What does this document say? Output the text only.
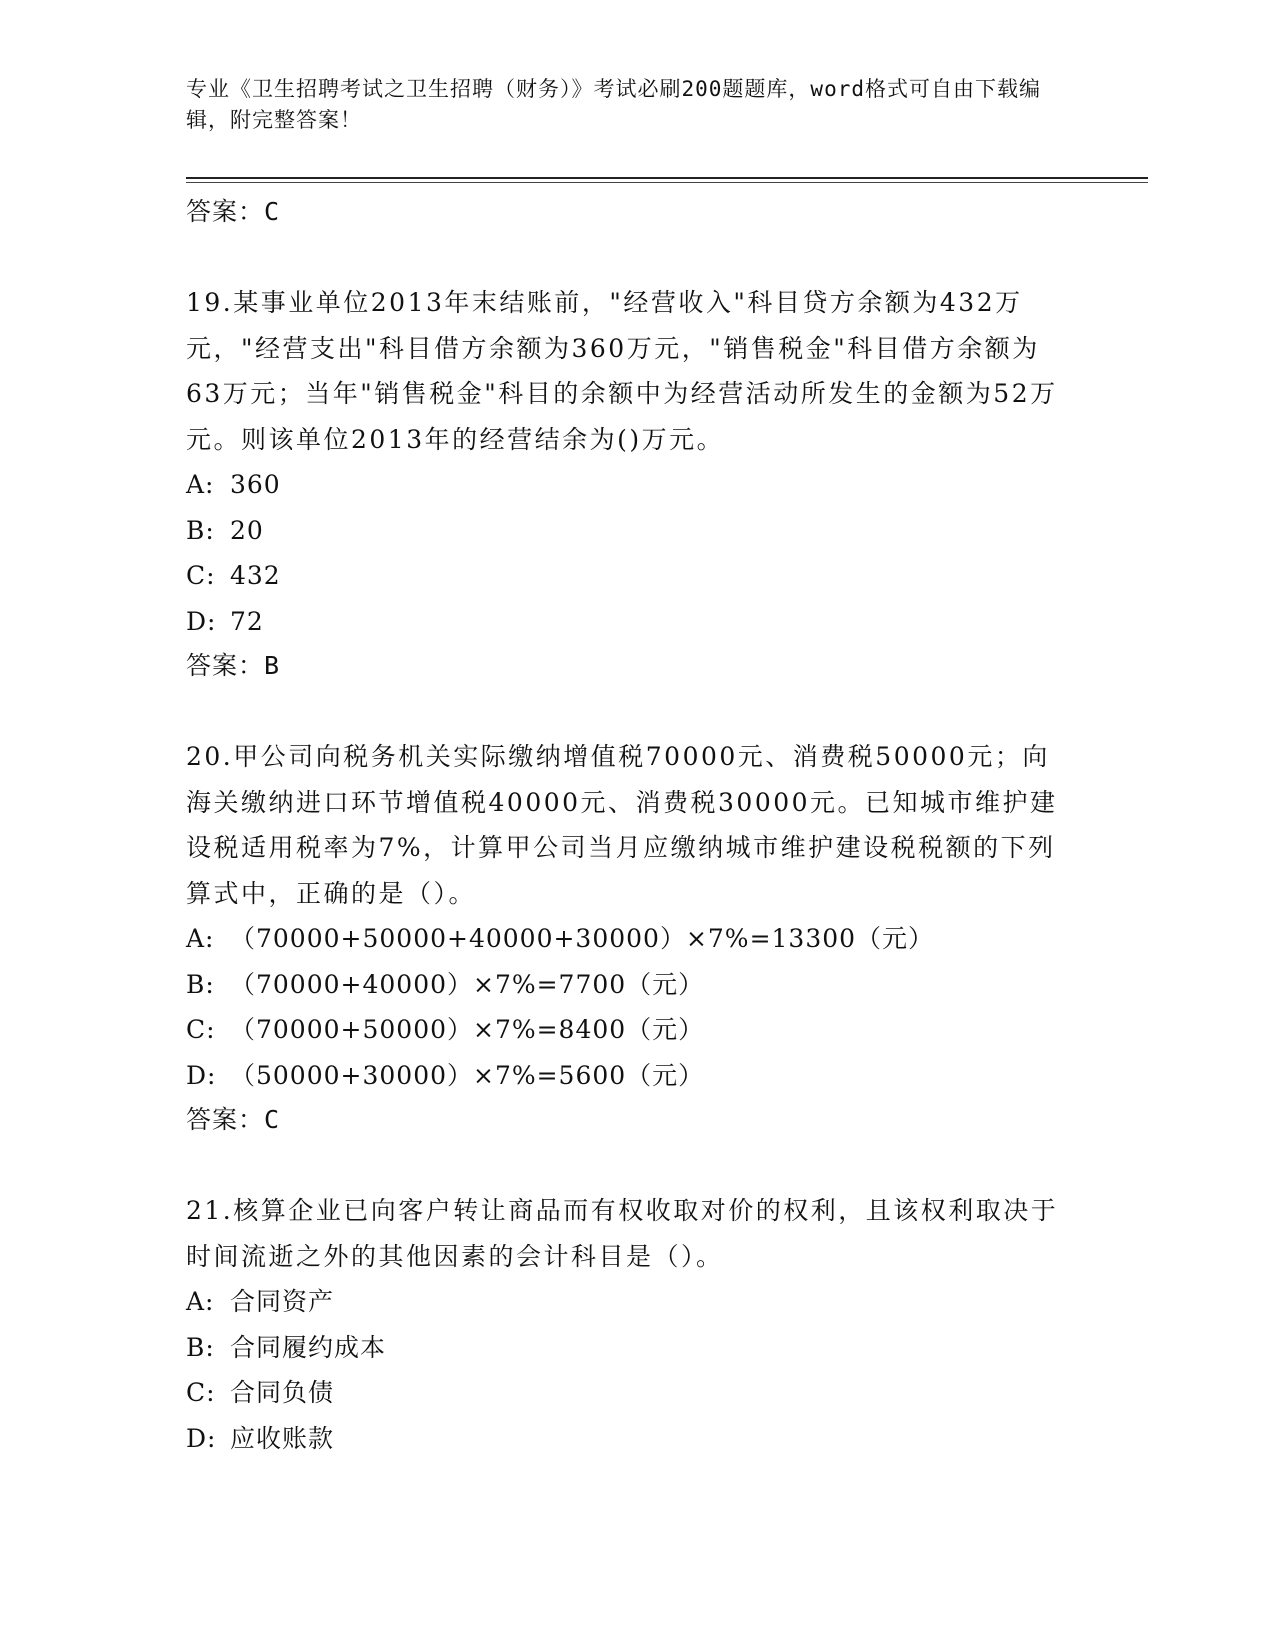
专业《卫生招聘考试之卫生招聘（财务）》考试必刷200题题库，word格式可自由下载编辑，附完整答案！

答案：C

19.某事业单位2013年末结账前，"经营收入"科目贷方余额为432万元，"经营支出"科目借方余额为360万元，"销售税金"科目借方余额为63万元；当年"销售税金"科目的余额中为经营活动所发生的金额为52万元。则该单位2013年的经营结余为()万元。

A: 360

B: 20

C: 432

D: 72

答案：B

20.甲公司向税务机关实际缴纳增值税70000元、消费税50000元；向海关缴纳进口环节增值税40000元、消费税30000元。已知城市维护建设税适用税率为7%，计算甲公司当月应缴纳城市维护建设税税额的下列算式中，正确的是（）。

A: （70000+50000+40000+30000）×7%=13300（元）

B: （70000+40000）×7%=7700（元）

C: （70000+50000）×7%=8400（元）

D: （50000+30000）×7%=5600（元）

答案：C

21.核算企业已向客户转让商品而有权收取对价的权利，且该权利取决于时间流逝之外的其他因素的会计科目是（）。

A: 合同资产

B: 合同履约成本

C: 合同负债

D: 应收账款
